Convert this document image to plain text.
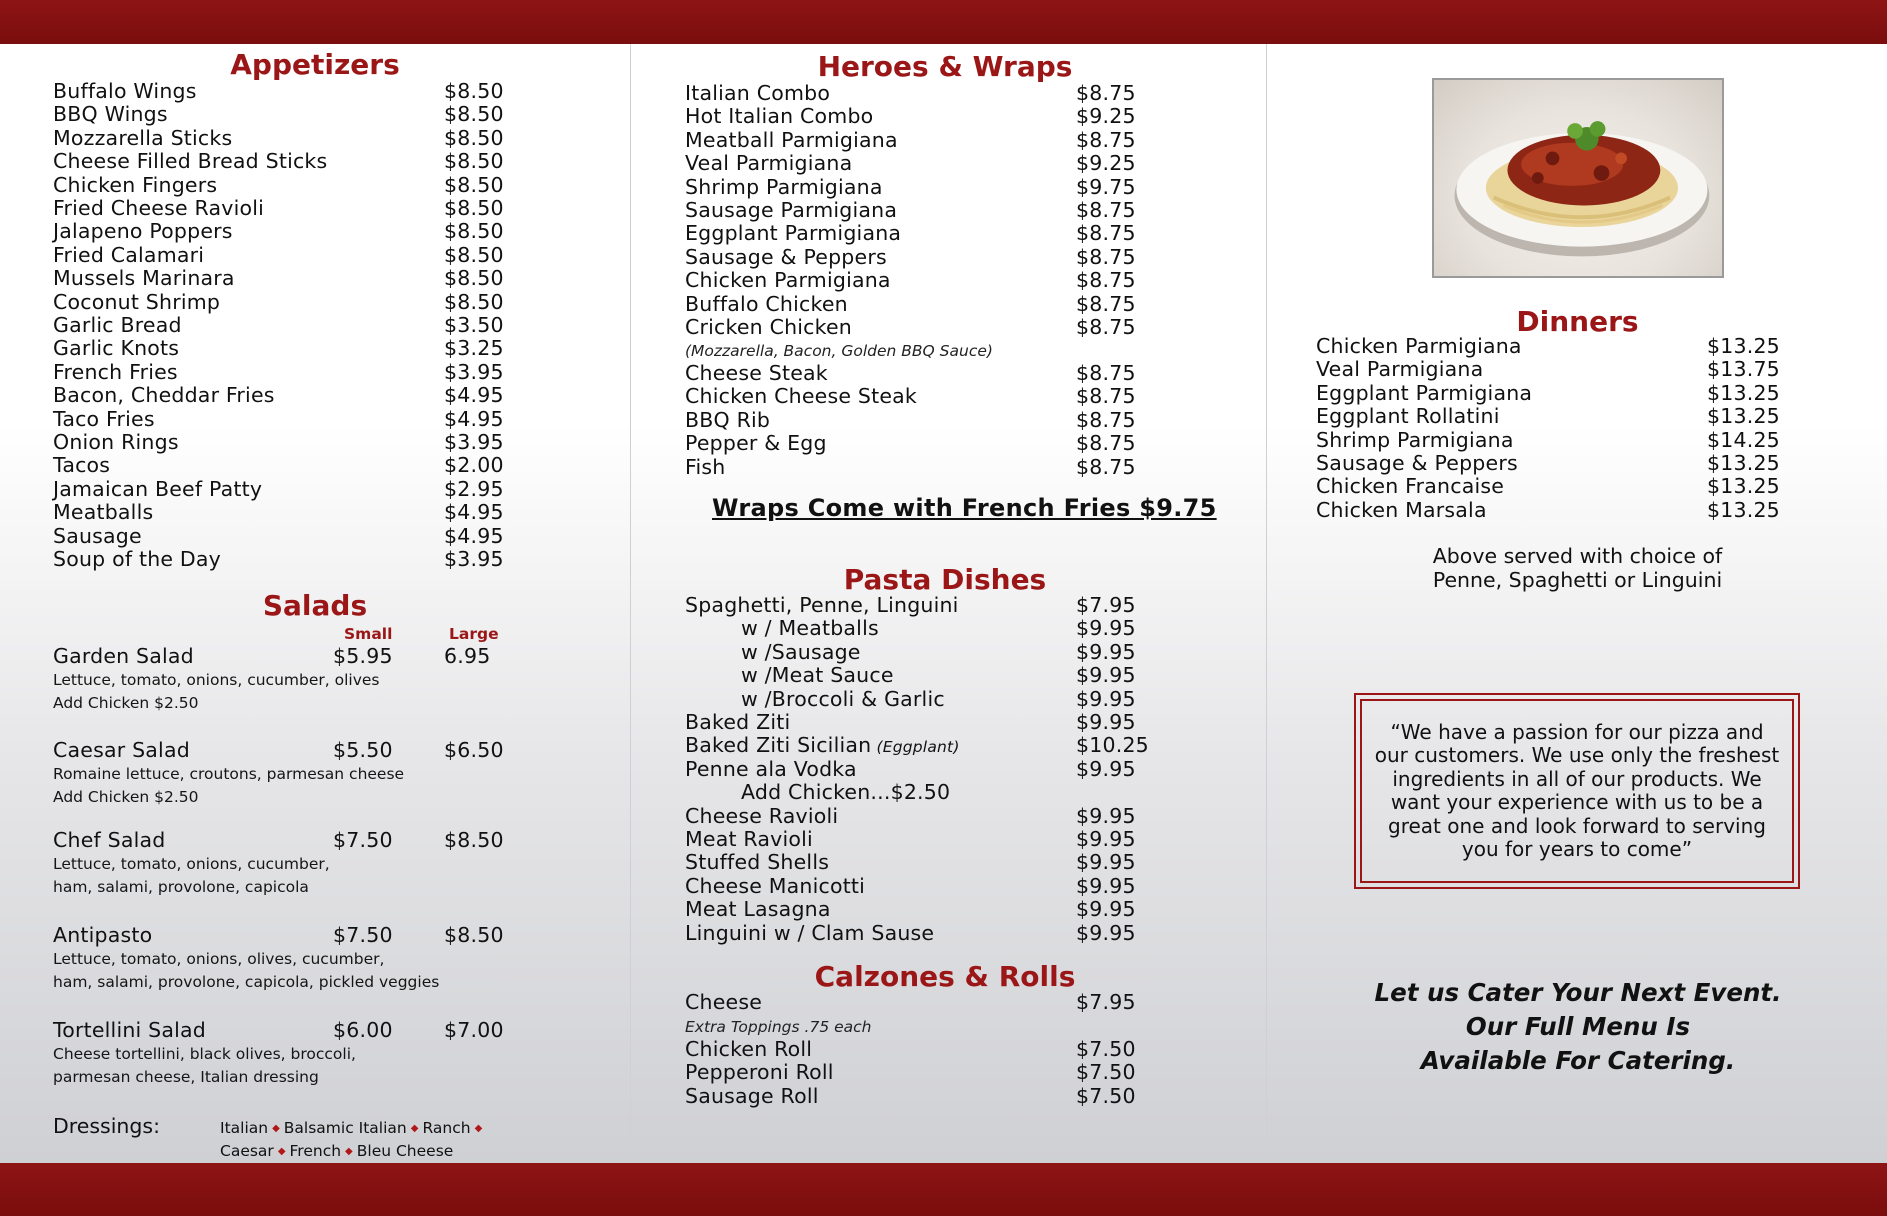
Appetizers
Buffalo Wings	$8.50
BBQ Wings	$8.50
Mozzarella Sticks	$8.50
Cheese Filled Bread Sticks	$8.50
Chicken Fingers	$8.50
Fried Cheese Ravioli	$8.50
Jalapeno Poppers	$8.50
Fried Calamari	$8.50
Mussels Marinara	$8.50
Coconut Shrimp	$8.50
Garlic Bread	$3.50
Garlic Knots	$3.25
French Fries	$3.95
Bacon, Cheddar Fries	$4.95
Taco Fries	$4.95
Onion Rings	$3.95
Tacos	$2.00
Jamaican Beef Patty	$2.95
Meatballs	$4.95
Sausage	$4.95
Soup of the Day	$3.95
Salads
Small	Large
Garden Salad	$5.95	6.95
Lettuce, tomato, onions, cucumber, olives
Add Chicken $2.50
Caesar Salad	$5.50	$6.50
Romaine lettuce, croutons, parmesan cheese
Add Chicken $2.50
Chef Salad	$7.50	$8.50
Lettuce, tomato, onions, cucumber,
ham, salami, provolone, capicola
Antipasto	$7.50	$8.50
Lettuce, tomato, onions, olives, cucumber,
ham, salami, provolone, capicola, pickled veggies
Tortellini Salad	$6.00	$7.00
Cheese tortellini, black olives, broccoli,
parmesan cheese, Italian dressing
Dressings:	Italian ◆ Balsamic Italian ◆ Ranch ◆
Caesar ◆ French ◆ Bleu Cheese
Heroes & Wraps
Italian Combo	$8.75
Hot Italian Combo	$9.25
Meatball Parmigiana	$8.75
Veal Parmigiana	$9.25
Shrimp Parmigiana	$9.75
Sausage Parmigiana	$8.75
Eggplant Parmigiana	$8.75
Sausage & Peppers	$8.75
Chicken Parmigiana	$8.75
Buffalo Chicken	$8.75
Cricken Chicken	$8.75
(Mozzarella, Bacon, Golden BBQ Sauce)
Cheese Steak	$8.75
Chicken Cheese Steak	$8.75
BBQ Rib	$8.75
Pepper & Egg	$8.75
Fish	$8.75
Wraps Come with French Fries $9.75
Pasta Dishes
Spaghetti, Penne, Linguini	$7.95
w / Meatballs	$9.95
w /Sausage	$9.95
w /Meat Sauce	$9.95
w /Broccoli & Garlic	$9.95
Baked Ziti	$9.95
Baked Ziti Sicilian (Eggplant)	$10.25
Penne ala Vodka	$9.95
Add Chicken...$2.50
Cheese Ravioli	$9.95
Meat Ravioli	$9.95
Stuffed Shells	$9.95
Cheese Manicotti	$9.95
Meat Lasagna	$9.95
Linguini w / Clam Sause	$9.95
Calzones & Rolls
Cheese	$7.95
Extra Toppings .75 each
Chicken Roll	$7.50
Pepperoni Roll	$7.50
Sausage Roll	$7.50
Dinners
Chicken Parmigiana	$13.25
Veal Parmigiana	$13.75
Eggplant Parmigiana	$13.25
Eggplant Rollatini	$13.25
Shrimp Parmigiana	$14.25
Sausage & Peppers	$13.25
Chicken Francaise	$13.25
Chicken Marsala	$13.25
Above served with choice of
Penne, Spaghetti or Linguini
“We have a passion for our pizza and our customers. We use only the freshest ingredients in all of our products. We want your experience with us to be a great one and look forward to serving you for years to come”
Let us Cater Your Next Event.
Our Full Menu Is
Available For Catering.
